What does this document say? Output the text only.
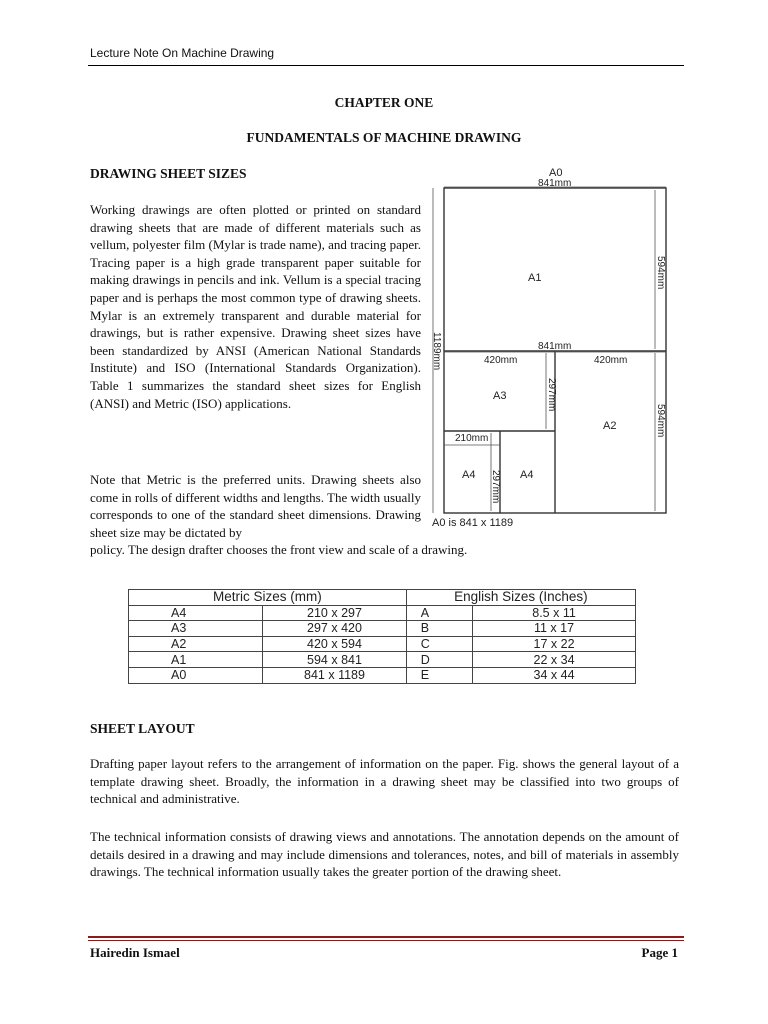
Lecture Note On Machine Drawing
CHAPTER ONE
FUNDAMENTALS OF MACHINE DRAWING
DRAWING SHEET SIZES

Working drawings are often plotted or printed on standard drawing sheets that are made of different materials such as vellum, polyester film (Mylar is trade name), and tracing paper. Tracing paper is a high grade transparent paper suitable for making drawings in pencils and ink. Vellum is a special tracing paper and is perhaps the most common type of drawing sheets. Mylar is an extremely transparent and durable material for drawings, but is rather expensive. Drawing sheet sizes have been standardized by ANSI (American National Standards Institute) and ISO (International Standards Organization). Table 1 summarizes the standard sheet sizes for English (ANSI) and Metric (ISO) applications.

Note that Metric is the preferred units. Drawing sheets also come in rolls of different widths and lengths. The width usually corresponds to one of the standard sheet dimensions. Drawing sheet size may be dictated by

policy. The design drafter chooses the front view and scale of a drawing.
A0
841mm
1189mm
A1	594mm
841mm
420mm	420mm
A3	297mm
A2	594mm
210mm
A4 297mm A4
A0 is 841 x 1189
Metric Sizes (mm)		English Sizes (Inches)	
A4	210 x 297	A	8.5 x 11
A3	297 x 420	B	11 x 17
A2	420 x 594	C	17 x 22
A1	594 x 841	D	22 x 34
A0	841 x 1189	E	34 x 44
SHEET LAYOUT

Drafting paper layout refers to the arrangement of information on the paper. Fig. shows the general layout of a template drawing sheet. Broadly, the information in a drawing sheet may be classified into two groups of technical and administrative.

The technical information consists of drawing views and annotations. The annotation depends on the amount of details desired in a drawing and may include dimensions and tolerances, notes, and bill of materials in assembly drawings. The technical information usually takes the greater portion of the drawing sheet.

Hairedin Ismael	Page 1
